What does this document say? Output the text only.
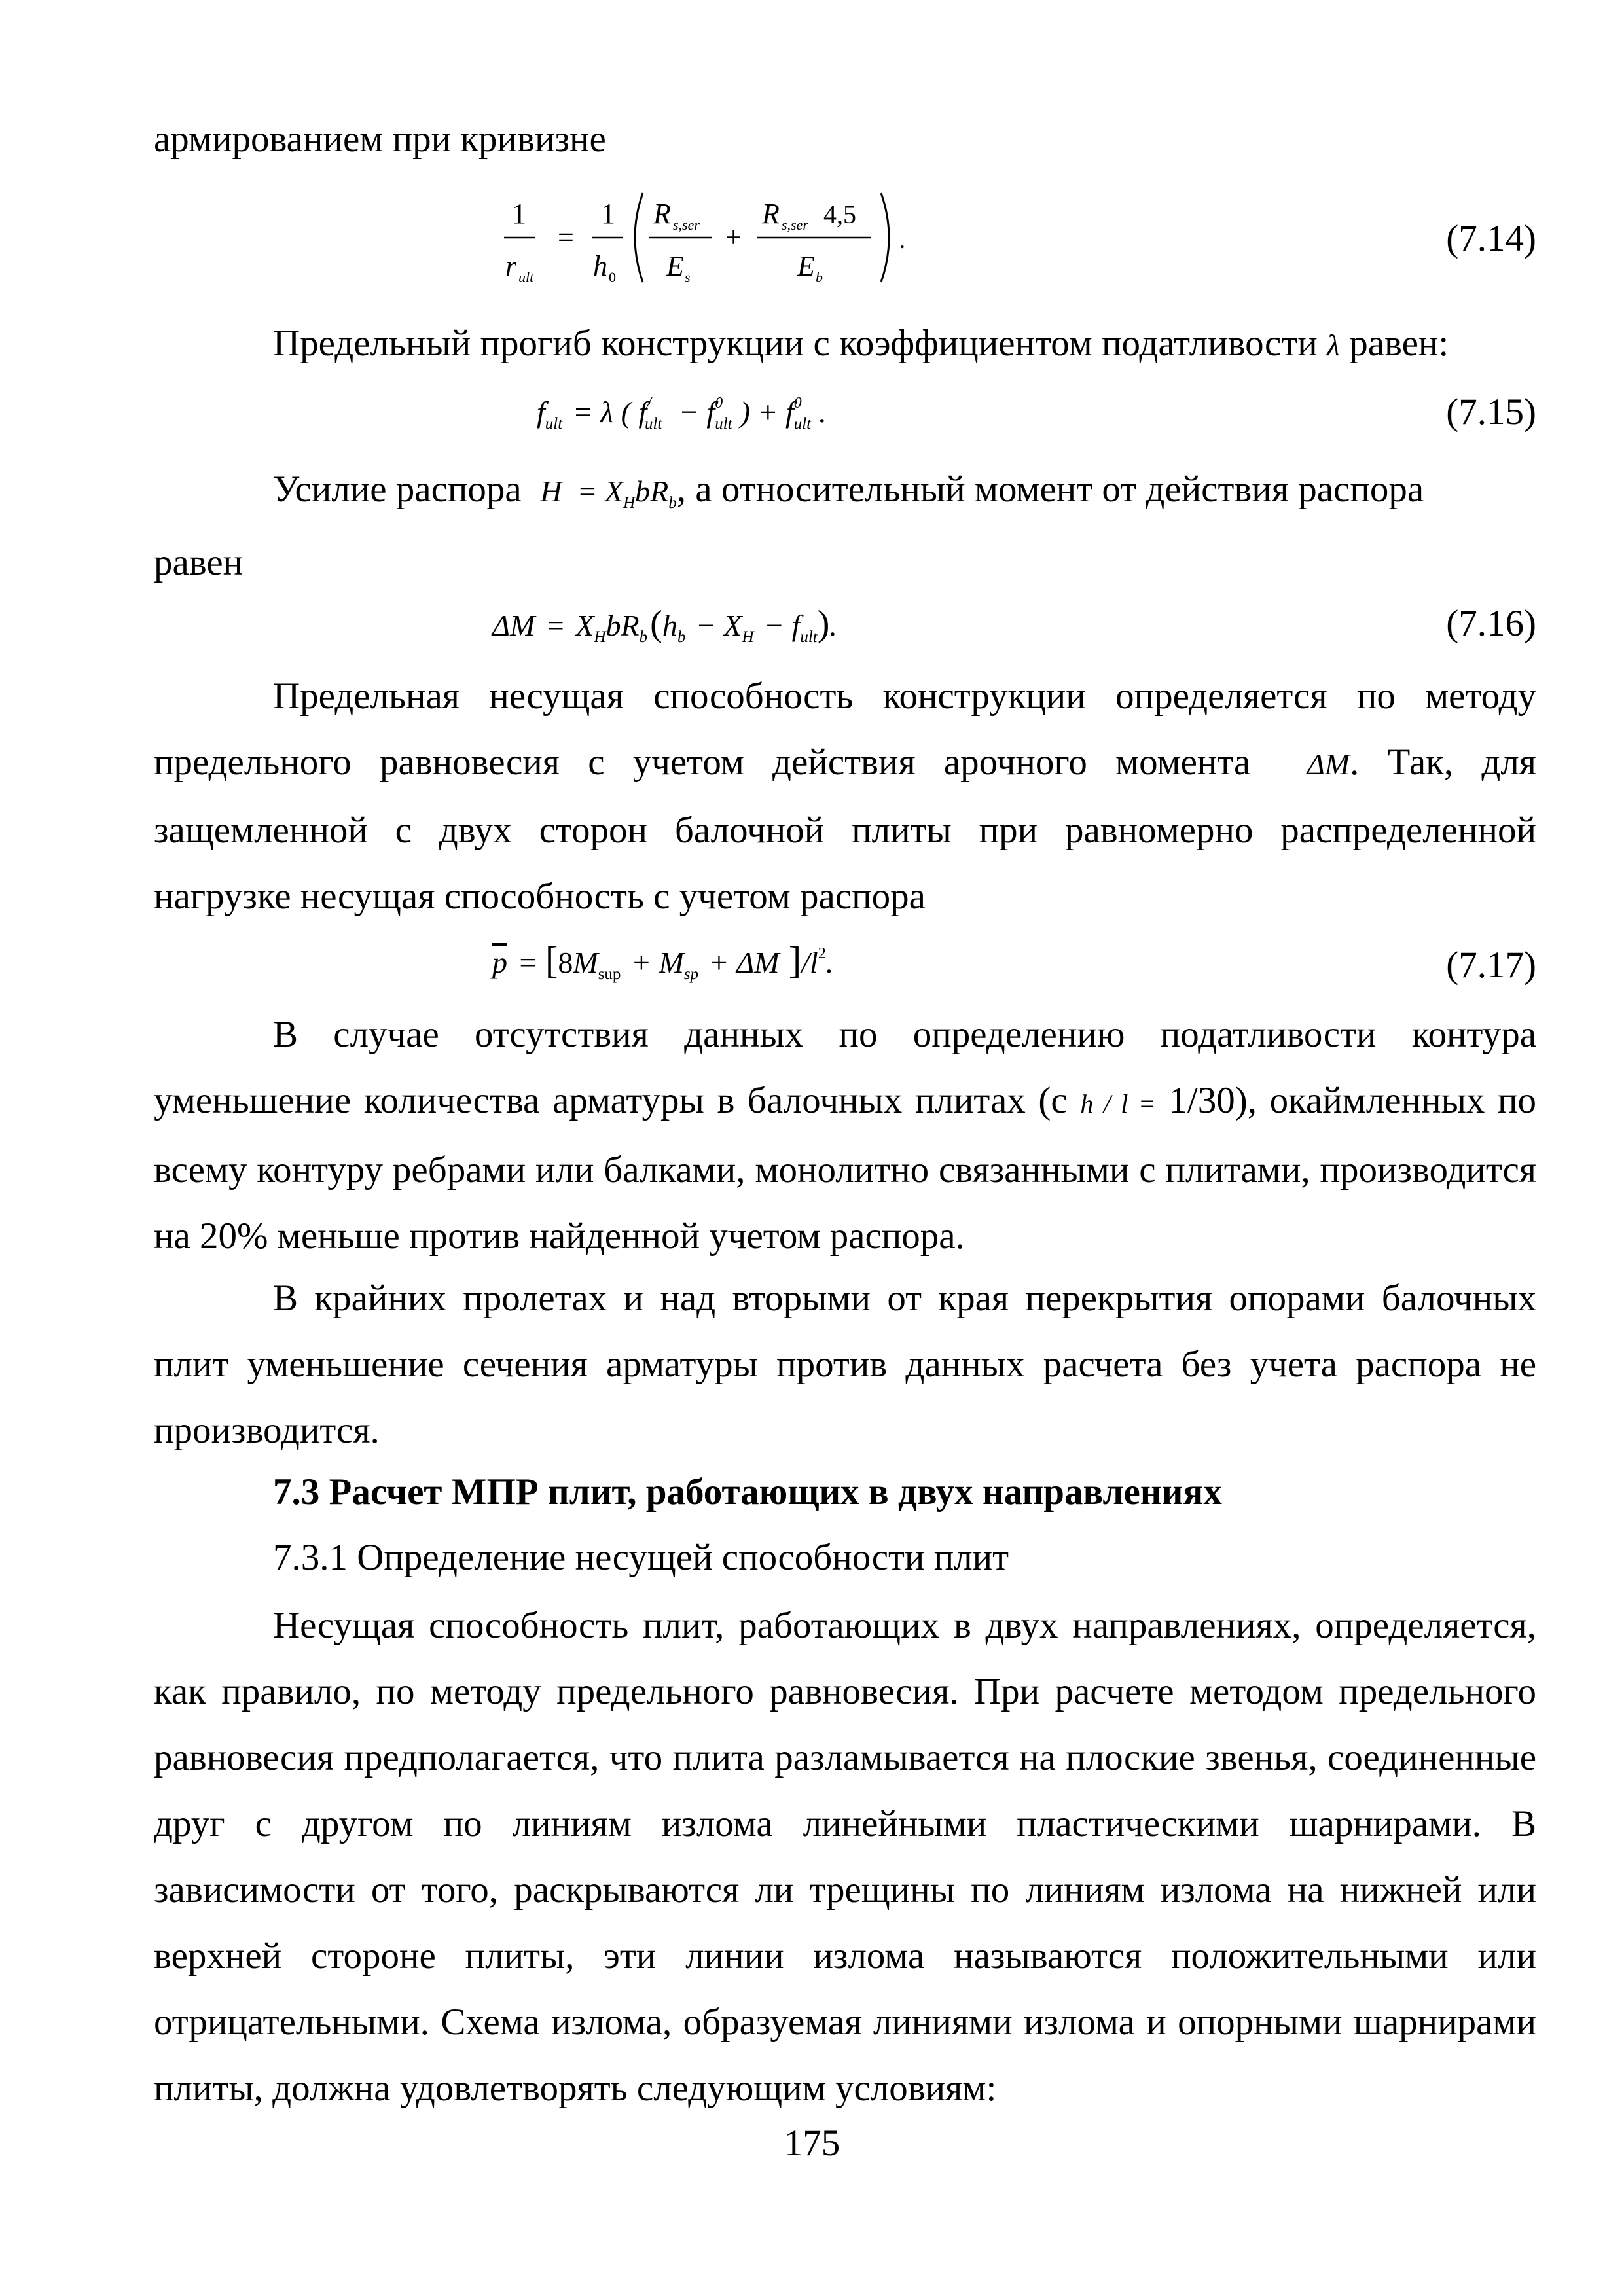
армированием при кривизне

1
r ult
=
1
h 0
R s,ser
E s
+
R s,ser 4,5
E b
.	(7.14)

Предельный прогиб конструкции с коэффициентом податливости λ равен:

fult  = λ ( f/ult  − f0ult ) + f0ult .	(7.15)

Усилие распора H = XHbRb, а относительный момент от действия распора
равен

ΔM  =  XHbRb (hb  − XH  − fult).	(7.16)

Предельная несущая способность конструкции определяется по методу предельного равновесия с учетом действия арочного момента ΔM. Так, для защемленной с двух сторон балочной плиты при равномерно распределенной нагрузке несущая способность с учетом распора

$\overline{p}$  = [8Msup  + Msp  + ΔM ]/l2.	(7.17)

В случае отсутствия данных по определению податливости контура уменьшение количества арматуры в балочных плитах (с h / l = 1/30), окаймленных по всему контуру ребрами или балками, монолитно связанными с плитами, производится на 20% меньше против найденной учетом распора.

В крайних пролетах и над вторыми от края перекрытия опорами балочных плит уменьшение сечения арматуры против данных расчета без учета распора не производится.

7.3 Расчет МПР плит, работающих в двух направлениях

7.3.1 Определение несущей способности плит

Несущая способность плит, работающих в двух направлениях, определяется, как правило, по методу предельного равновесия. При расчете методом предельного равновесия предполагается, что плита разламывается на плоские звенья, соединенные друг с другом по линиям излома линейными пластическими шарнирами. В зависимости от того, раскрываются ли трещины по линиям излома на нижней или верхней стороне плиты, эти линии излома называются положительными или отрицательными. Схема излома, образуемая линиями излома и опорными шарнирами плиты, должна удовлетворять следующим условиям:

175
